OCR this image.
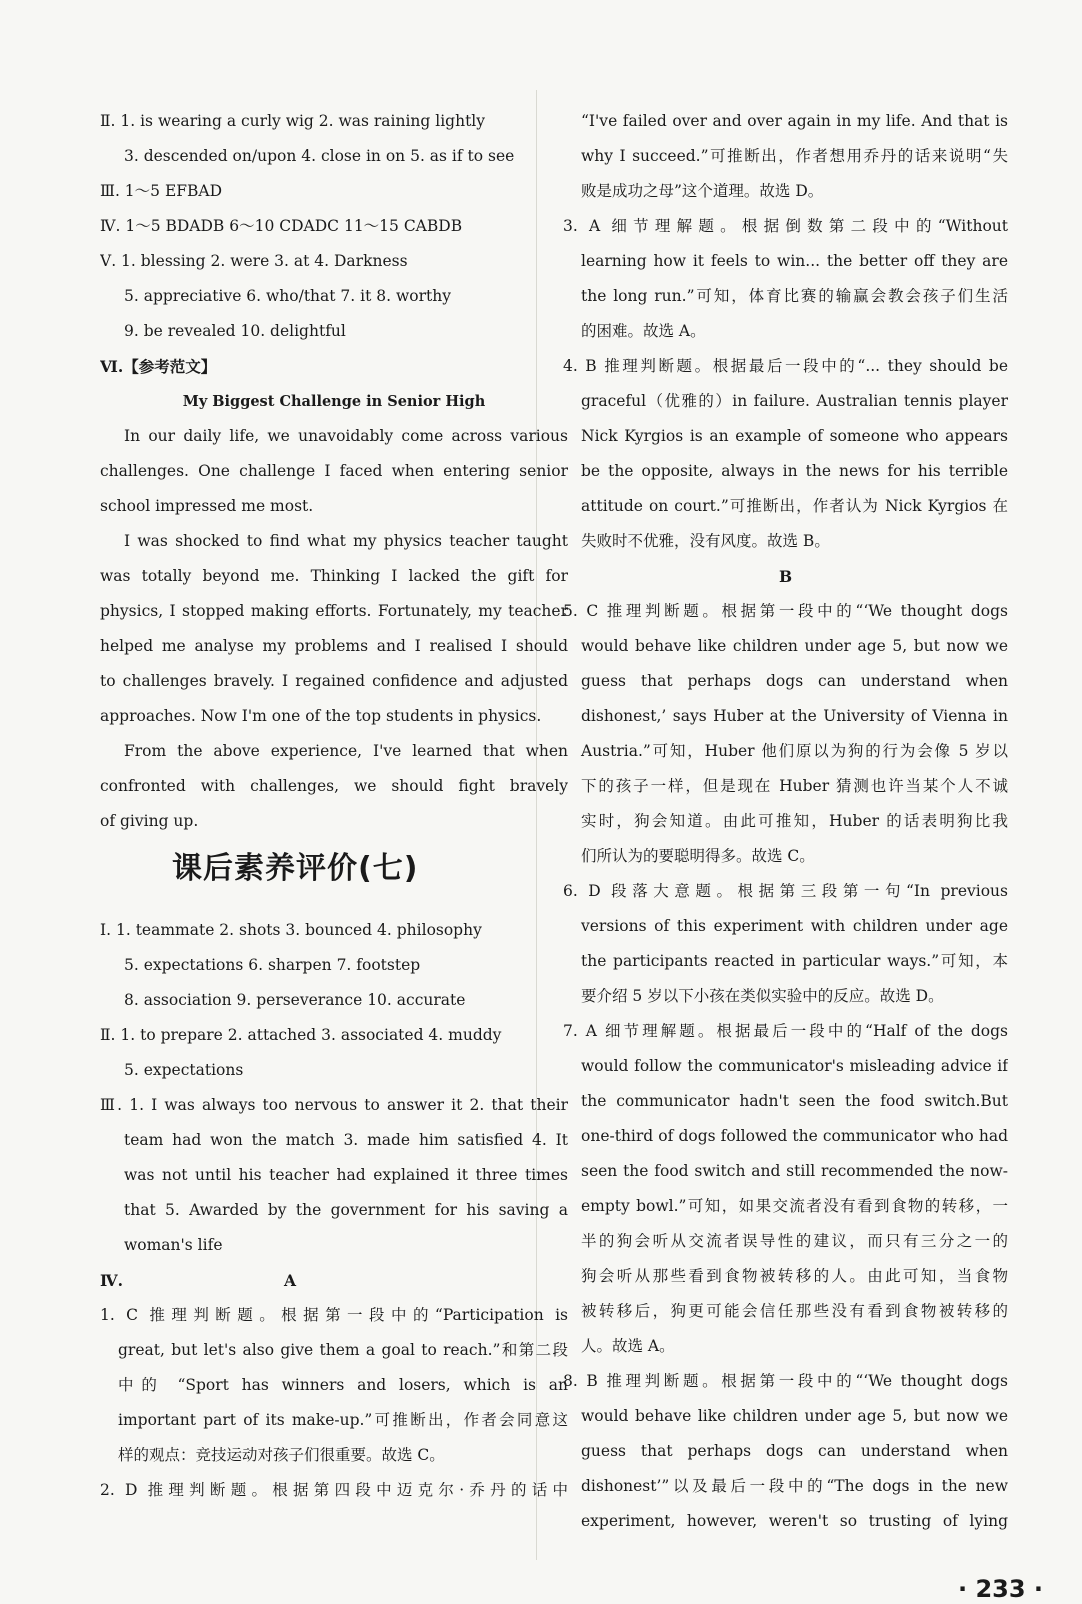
Ⅱ. 1. is wearing a curly wig 2. was raining lightly
3. descended on/upon 4. close in on 5. as if to see
Ⅲ. 1～5 EFBAD
Ⅳ. 1～5 BDADB 6～10 CDADC 11～15 CABDB
Ⅴ. 1. blessing 2. were 3. at 4. Darkness
5. appreciative 6. who/that 7. it 8. worthy
9. be revealed 10. delightful
Ⅵ.【参考范文】
My Biggest Challenge in Senior High
In our daily life, we unavoidably come across various
challenges. One challenge I faced when entering senior
school impressed me most.
I was shocked to find what my physics teacher taught
was totally beyond me. Thinking I lacked the gift for
physics, I stopped making efforts. Fortunately, my teacher
helped me analyse my problems and I realised I should
to challenges bravely. I regained confidence and adjusted
approaches. Now I'm one of the top students in physics.
From the above experience, I've learned that when
confronted with challenges, we should fight bravely
of giving up.
课后素养评价(七)
Ⅰ. 1. teammate 2. shots 3. bounced 4. philosophy
5. expectations 6. sharpen 7. footstep
8. association 9. perseverance 10. accurate
Ⅱ. 1. to prepare 2. attached 3. associated 4. muddy
5. expectations
Ⅲ. 1. I was always too nervous to answer it 2. that their
team had won the match 3. made him satisfied 4. It
was not until his teacher had explained it three times
that 5. Awarded by the government for his saving a
woman's life
Ⅳ.	A
1. C 推理判断题。根据第一段中的“Participation is
great, but let's also give them a goal to reach.”和第二段
中的 “Sport has winners and losers, which is an
important part of its make-up.”可推断出，作者会同意这
样的观点：竞技运动对孩子们很重要。故选 C。
2. D 推理判断题。根据第四段中迈克尔·乔丹的话中
“I've failed over and over again in my life. And that is
why I succeed.”可推断出，作者想用乔丹的话来说明“失
败是成功之母”这个道理。故选 D。
3. A 细节理解题。根据倒数第二段中的“Without
learning how it feels to win... the better off they are
the long run.”可知，体育比赛的输赢会教会孩子们生活
的困难。故选 A。
4. B 推理判断题。根据最后一段中的“... they should be
graceful（优雅的）in failure. Australian tennis player
Nick Kyrgios is an example of someone who appears
be the opposite, always in the news for his terrible
attitude on court.”可推断出，作者认为 Nick Kyrgios 在
失败时不优雅，没有风度。故选 B。
B
5. C 推理判断题。根据第一段中的“‘We thought dogs
would behave like children under age 5, but now we
guess that perhaps dogs can understand when
dishonest,’ says Huber at the University of Vienna in
Austria.”可知，Huber 他们原以为狗的行为会像 5 岁以
下的孩子一样，但是现在 Huber 猜测也许当某个人不诚
实时，狗会知道。由此可推知，Huber 的话表明狗比我
们所认为的要聪明得多。故选 C。
6. D 段落大意题。根据第三段第一句“In previous
versions of this experiment with children under age
the participants reacted in particular ways.”可知，本
要介绍 5 岁以下小孩在类似实验中的反应。故选 D。
7. A 细节理解题。根据最后一段中的“Half of the dogs
would follow the communicator's misleading advice if
the communicator hadn't seen the food switch.But
one-third of dogs followed the communicator who had
seen the food switch and still recommended the now-
empty bowl.”可知，如果交流者没有看到食物的转移，一
半的狗会听从交流者误导性的建议，而只有三分之一的
狗会听从那些看到食物被转移的人。由此可知，当食物
被转移后，狗更可能会信任那些没有看到食物被转移的
人。故选 A。
8. B 推理判断题。根据第一段中的“‘We thought dogs
would behave like children under age 5, but now we
guess that perhaps dogs can understand when
dishonest’”以及最后一段中的“The dogs in the new
experiment, however, weren't so trusting of lying
· 233 ·
